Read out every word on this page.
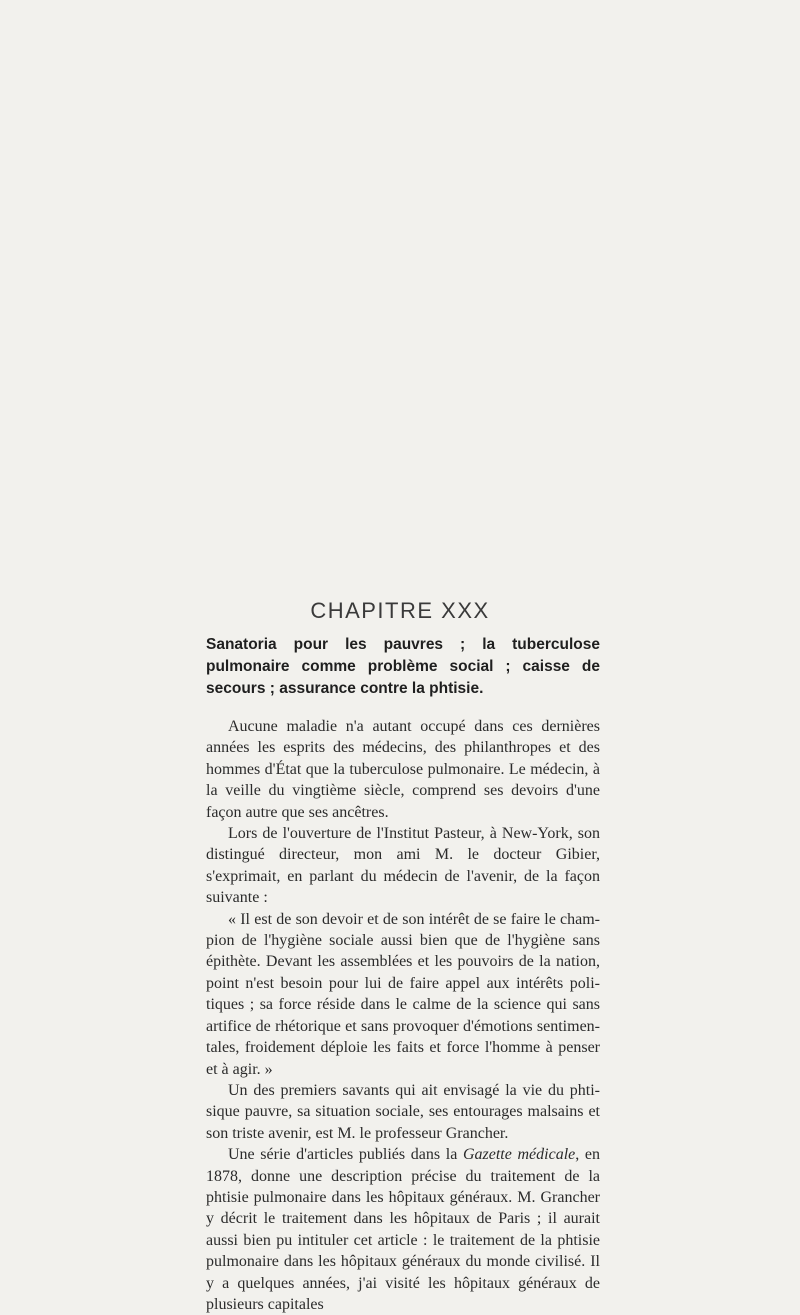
CHAPITRE XXX
Sanatoria pour les pauvres ; la tuberculose pulmonaire comme problème social ; caisse de secours ; assurance contre la phtisie.

Aucune maladie n'a autant occupé dans ces dernières années les esprits des médecins, des philanthropes et des hommes d'État que la tuberculose pulmonaire. Le médecin, à la veille du vingtième siècle, comprend ses devoirs d'une façon autre que ses ancêtres.

Lors de l'ouverture de l'Institut Pasteur, à New-York, son distingué directeur, mon ami M. le docteur Gibier, s'exprimait, en parlant du médecin de l'avenir, de la façon suivante :

« Il est de son devoir et de son intérêt de se faire le cham- pion de l'hygiène sociale aussi bien que de l'hygiène sans épithète. Devant les assemblées et les pouvoirs de la nation, point n'est besoin pour lui de faire appel aux intérêts poli- tiques ; sa force réside dans le calme de la science qui sans artifice de rhétorique et sans provoquer d'émotions sentimen- tales, froidement déploie les faits et force l'homme à penser et à agir. »

Un des premiers savants qui ait envisagé la vie du phti- sique pauvre, sa situation sociale, ses entourages malsains et son triste avenir, est M. le professeur Grancher.

Une série d'articles publiés dans la Gazette médicale, en 1878, donne une description précise du traitement de la phtisie pulmonaire dans les hôpitaux généraux. M. Grancher y décrit le traitement dans les hôpitaux de Paris ; il aurait aussi bien pu intituler cet article : le traitement de la phtisie pulmonaire dans les hôpitaux généraux du monde civilisé. Il y a quelques années, j'ai visité les hôpitaux généraux de plusieurs capitales
